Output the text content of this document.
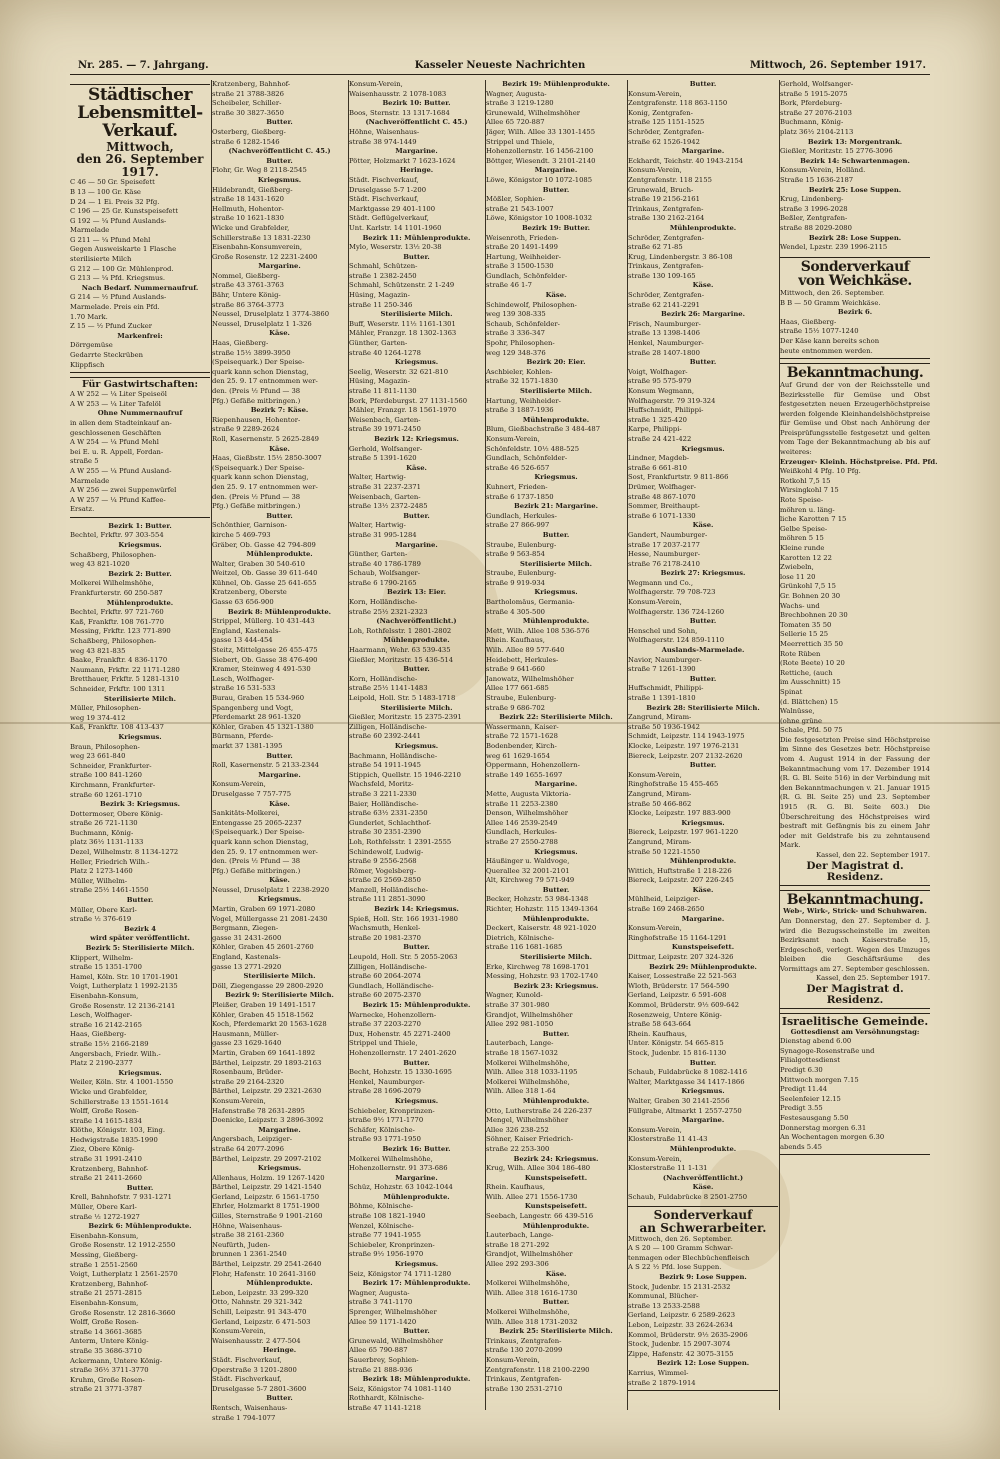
Nr. 285. — 7. Jahrgang.	Kasseler Neueste Nachrichten	Mittwoch, 26. September 1917.
Städtischer
Lebensmittel-Verkauf.
Mittwoch,
den 26. September 1917.
C 46 — 50 Gr. Speisefett
B 13 — 100 Gr. Käse
D 24 — 1 Ei. Preis 32 Pfg.
C 196 — 25 Gr. Kunstspeisefett
G 192 — ¼ Pfund Auslands-
Marmelade
G 211 — ¼ Pfund Mehl
Gegen Ausweiskarte 1 Flasche
sterilisierte Milch
G 212 — 100 Gr. Mühlenprod.
G 213 — ¼ Pfd. Kriegsmus.
Nach Bedarf. Nummernaufruf.
G 214 — ½ Pfund Auslands-
Marmelade. Preis ein Pfd.
1.70 Mark.
Z 15 — ½ Pfund Zucker
Markenfrei:
Dörrgemüse
Gedarrte Steckrüben
Klippfisch
Für Gastwirtschaften:
A W 252 — ¼ Liter Speiseöl
A W 253 — ¼ Liter Tafelöl
Ohne Nummernaufruf
in allen dem Stadteinkauf an-
geschlossenen Geschäften
A W 254 — ¼ Pfund Mehl
bei E. u. R. Appell, Fordan-
straße 5
A W 255 — ¼ Pfund Ausland-
Marmelade
A W 256 — zwei Suppenwürfel
A W 257 — ¼ Pfund Kaffee-
Ersatz.
Bezirk 1: Butter.
Bechtel, Frkftr. 97 303-554
Kriegsmus.
Schaßberg, Philosophen-
weg 43 821-1020
Bezirk 2: Butter.
Molkerei Wilhelmshöhe,
Frankfurterstr. 60 250-587
Mühlenprodukte.
Bechtel, Frkftr. 97 721-760
Kaß, Frankftr. 108 761-770
Messing, Frkftr. 123 771-890
Schaßberg, Philosophen-
weg 43 821-835
Baake, Frankftr. 4 836-1170
Naumann, Frkftr. 22 1171-1280
Bretthauer, Frkftr. 5 1281-1310
Schneider, Frkftr. 100 1311
Sterilisierte Milch.
Müller, Philosophen-
weg 19 374-412
Kaß, Frankftr. 108 413-437
Kriegsmus.
Braun, Philosophen-
weg 23 661-840
Schneider, Frankfurter-
straße 100 841-1260
Kirchmann, Frankfurter-
straße 60 1261-1710
Bezirk 3: Kriegsmus.
Dottermoser, Obere König-
straße 26 721-1130
Buchmann, König-
platz 36½ 1131-1133
Dezel, Wilhelmstr. 8 1134-1272
Heller, Friedrich Wilh.-
Platz 2 1273-1460
Müller, Wilhelm-
straße 25½ 1461-1550
Butter.
Müller, Obere Karl-
straße ½ 376-619
Bezirk 4
wird später veröffentlicht.
Bezirk 5: Sterilisierte Milch.
Klippert, Wilhelm-
straße 15 1351-1700
Hamel, Köln. Str. 10 1701-1901
Voigt, Lutherplatz 1 1992-2135
Eisenbahn-Konsum,
Große Rosenstr. 12 2136-2141
Lesch, Wolfhager-
straße 16 2142-2165
Haas, Gießberg-
straße 15½ 2166-2189
Angersbach, Friedr. Wilh.-
Platz 2 2190-2377
Kriegsmus.
Weiler, Köln. Str. 4 1001-1550
Wicke und Grabfelder,
Schillerstraße 13 1551-1614
Wolff, Große Rosen-
straße 14 1615-1834
Klöthe, Königstr. 103, Eing.
Hedwigstraße 1835-1990
Ziez, Obere König-
straße 31 1991-2410
Kratzenberg, Bahnhof-
straße 21 2411-2660
Butter.
Krell, Bahnhofstr. 7 931-1271
Müller, Obere Karl-
straße ½ 1272-1927
Bezirk 6: Mühlenprodukte.
Eisenbahn-Konsum,
Große Rosenstr. 12 1912-2550
Messing, Gießberg-
straße 1 2551-2560
Voigt, Lutherplatz 1 2561-2570
Kratzenberg, Bahnhof-
straße 21 2571-2815
Eisenbahn-Konsum,
Große Rosenstr. 12 2816-3660
Wolff, Große Rosen-
straße 14 3661-3685
Anterm, Untere König-
straße 35 3686-3710
Ackermann, Untere König-
straße 36½ 3711-3770
Kruhm, Große Rosen-
straße 21 3771-3787
Kratzenberg, Bahnhof-
straße 21 3788-3826
Scheibeler, Schiller-
straße 30 3827-3650
Butter.
Osterberg, Gießberg-
straße 6 1282-1546
(Nachveröffentlicht C. 45.)
Butter.
Flohr, Gr. Weg 8 2118-2545
Kriegsmus.
Hildebrandt, Gießberg-
straße 18 1431-1620
Hellmuth, Hohentor-
straße 10 1621-1830
Wicke und Grabfelder,
Schillerstraße 13 1831-2230
Eisenbahn-Konsumverein,
Große Rosenstr. 12 2231-2400
Margarine.
Nommel, Gießberg-
straße 43 3761-3763
Bähr, Untere König-
straße 86 3764-3773
Neussel, Druselplatz 1 3774-3860
Neussel, Druselplatz 1 1-326
Käse.
Haas, Gießberg-
straße 15½ 3899-3950
(Speisequark.) Der Speise-
quark kann schon Dienstag,
den 25. 9. 17 entnommen wer-
den. (Preis ½ Pfund — 38
Pfg.) Gefäße mitbringen.)
Bezirk 7: Käse.
Riepenhausen, Hohentor-
straße 9 2289-2624
Roll, Kasernenstr. 5 2625-2849
Käse.
Haas, Gießbstr. 15½ 2850-3007
(Speisequark.) Der Speise-
quark kann schon Dienstag,
den 25. 9. 17 entnommen wer-
den. (Preis ½ Pfund — 38
Pfg.) Gefäße mitbringen.)
Butter.
Schönthier, Garnison-
kirche 5 469-793
Gräber, Ob. Gasse 42 794-809
Mühlenprodukte.
Walter, Graben 30 540-610
Weitzel, Ob. Gasse 39 611-640
Kühnel, Ob. Gasse 25 641-655
Kratzenberg, Oberste
Gasse 63 656-900
Bezirk 8: Mühlenprodukte.
Strippel, Müllerg. 10 431-443
England, Kastenals-
gasse 13 444-454
Steitz, Mittelgasse 26 455-475
Siebert, Ob. Gasse 38 476-490
Kramer, Steinweg 4 491-530
Lesch, Wolfhager-
straße 16 531-533
Burau, Graben 15 534-960
Spangenberg und Vogt,
Pferdemarkt 28 961-1320
Köhler, Graben 45 1321-1380
Bürmann, Pferde-
markt 37 1381-1395
Butter.
Roll, Kasernenstr. 5 2133-2344
Margarine.
Konsum-Verein,
Druselgasse 7 757-775
Käse.
Sankitäts-Molkerei,
Entengasse 25 2065-2237
(Speisequark.) Der Speise-
quark kann schon Dienstag,
den 25. 9. 17 entnommen wer-
den. (Preis ½ Pfund — 38
Pfg.) Gefäße mitbringen.)
Käse.
Neussel, Druselplatz 1 2238-2920
Kriegsmus.
Martin, Graben 69 1971-2080
Vogel, Müllergasse 21 2081-2430
Bergmann, Ziegen-
gasse 31 2431-2600
Köhler, Graben 45 2601-2760
England, Kastenals-
gasse 13 2771-2920
Sterilisierte Milch.
Döll, Ziegengasse 29 2800-2920
Bezirk 9: Sterilisierte Milch.
Pleißer, Graben 19 1491-1517
Köhler, Graben 45 1518-1562
Koch, Pferdemarkt 20 1563-1628
Hausmann, Müller-
gasse 23 1629-1640
Martin, Graben 69 1641-1892
Bärthel, Leipzstr. 29 1893-2163
Rosenbaum, Brüder-
straße 29 2164-2320
Bärthel, Leipzstr. 29 2321-2630
Konsum-Verein,
Hafenstraße 78 2631-2895
Doenicke, Leipzstr. 3 2896-3092
Margarine.
Angersbach, Leipziger-
straße 64 2077-2096
Bärthel, Leipzstr. 29 2097-2102
Kriegsmus.
Allenhaus, Holzm. 19 1267-1420
Bärthel, Leipzstr. 29 1421-1540
Gerland, Leipzstr. 6 1561-1750
Ehrler, Holzmarkt 8 1751-1900
Gilles, Sternstraße 9 1901-2160
Höhne, Waisenhaus-
straße 38 2161-2360
Neufürth, Juden-
brunnen 1 2361-2540
Bärthel, Leipzstr. 29 2541-2640
Flohr, Hafenstr. 10 2641-3160
Mühlenprodukte.
Lebon, Leipzstr. 33 299-320
Otto, Nahnstr. 29 321-342
Schill, Leipzstr. 91 343-470
Gerland, Leipzstr. 6 471-503
Konsum-Verein,
Waisenhausstr. 2 477-504
Heringe.
Städt. Fischverkauf,
Operstraße 3 1201-2800
Städt. Fischverkauf,
Druselgasse 5-7 2801-3600
Butter.
Rentsch, Waisenhaus-
straße 1 794-1077
Konsum-Verein,
Waisenhausstr. 2 1078-1083
Bezirk 10: Butter.
Boos, Sternstr. 13 1317-1684
(Nachveröffentlicht C. 45.)
Höhne, Waisenhaus-
straße 38 974-1449
Margarine.
Pötter, Holzmarkt 7 1623-1624
Heringe.
Städt. Fischverkauf,
Druselgasse 5-7 1-200
Städt. Fischverkauf,
Marktgasse 29 401-1100
Städt. Geflügelverkauf,
Unt. Karlstr. 14 1101-1960
Bezirk 11: Mühlenprodukte.
Mylo, Weserstr. 13½ 20-38
Butter.
Schmahl, Schützen-
straße 1 2382-2450
Schmahl, Schützenstr. 2 1-249
Hüsing, Magazin-
straße 11 250-346
Sterilisierte Milch.
Buff, Weserstr. 11½ 1161-1301
Mähler, Franzgr. 18 1302-1363
Günther, Garten-
straße 40 1264-1278
Kriegsmus.
Seelig, Weserstr. 32 621-810
Hüsing, Magazin-
straße 11 811-1130
Bork, Pferdeburgst. 27 1131-1560
Mähler, Franzgr. 18 1561-1970
Weisenbach, Garten-
straße 39 1971-2450
Bezirk 12: Kriegsmus.
Gerhold, Wolfsanger-
straße 5 1391-1620
Käse.
Walter, Hartwig-
straße 31 2237-2371
Weisenbach, Garten-
straße 13½ 2372-2485
Butter.
Walter, Hartwig-
straße 31 995-1284
Margarine.
Günther, Garten-
straße 40 1786-1789
Schaub, Wolfsanger-
straße 6 1790-2165
Bezirk 13: Eier.
Korn, Holländische-
straße 25½ 2321-2323
(Nachveröffentlicht.)
Loh, Rothfelsstr. 1 2801-2802
Mühlenprodukte.
Haarmann, Wehr. 63 539-435
Gießler, Moritzstr. 15 436-514
Butter.
Korn, Holländische-
straße 25½ 1141-1483
Leipold, Holl. Str. 5 1483-1718
Sterilisierte Milch.
Gießler, Moritzstr. 15 2375-2391
Zilligen, Holländische-
straße 60 2392-2441
Kriegsmus.
Bachmann, Holländische-
straße 54 1911-1945
Stippich, Quellstr. 15 1946-2210
Wachsfeld, Moritz-
straße 3 2211-2330
Baier, Holländische-
straße 63½ 2331-2350
Gunderlet, Schlachthof-
straße 30 2351-2390
Loh, Rothfelsstr. 1 2391-2555
Schindewolf, Ludwig-
straße 9 2556-2568
Römer, Vogelsberg-
straße 26 2569-2850
Manzell, Holländische-
straße 111 2851-3090
Bezirk 14: Kriegsmus.
Spieß, Holl. Str. 166 1931-1980
Wachsmuth, Henkel-
straße 20 1981-2370
Butter.
Leupold, Holl. Str. 5 2055-2063
Zilligen, Holländische-
straße 60 2064-2074
Gundlach, Holländische-
straße 60 2075-2370
Bezirk 15: Mühlenprodukte.
Warnecke, Hohenzollern-
straße 37 2203-2270
Dux, Hohenstr. 45 2271-2400
Strippel und Thiele,
Hohenzollernstr. 17 2401-2620
Butter.
Becht, Hohzstr. 15 1330-1695
Henkel, Naumburger-
straße 28 1696-2079
Kriegsmus.
Schiebeler, Kronprinzen-
straße 9½ 1771-1770
Schäfer, Kölnische-
straße 93 1771-1950
Bezirk 16: Butter.
Molkerei Wilhelmshöhe,
Hohenzollernstr. 91 373-686
Margarine.
Schüz, Hohzstr. 63 1042-1044
Mühlenprodukte.
Böhme, Kölnische-
straße 108 1821-1940
Wenzel, Kölnische-
straße 77 1941-1955
Schiebeler, Kronprinzen-
straße 9½ 1956-1970
Kriegsmus.
Seiz, Königstor 74 1711-1280
Bezirk 17: Mühlenprodukte.
Wagner, Augusta-
straße 3 741-1170
Sprenger, Wilhelmshöher
Allee 59 1171-1420
Butter.
Grunewald, Wilhelmshöher
Allee 65 790-887
Sauerbrey, Sophien-
straße 21 888-936
Bezirk 18: Mühlenprodukte.
Seiz, Königstor 74 1081-1140
Rothhardt, Kölnische-
straße 47 1141-1218
Bezirk 19: Mühlenprodukte.
Wagner, Augusta-
straße 3 1219-1280
Grunewald, Wilhelmshöher
Allee 65 720-887
Jäger, Wilh. Allee 33 1301-1455
Strippel und Thiele,
Hohenzollernstr. 16 1456-2100
Böttger, Wiesendt. 3 2101-2140
Margarine.
Löwe, Königstor 10 1072-1085
Butter.
Mößler, Sophien-
straße 21 543-1007
Löwe, Königstor 10 1008-1032
Bezirk 19: Butter.
Weisenroth, Frieden-
straße 20 1491-1499
Hartung, Weihheider-
straße 3 1500-1530
Gundlach, Schönfelder-
straße 46 1-7
Käse.
Schindewolf, Philosophen-
weg 139 308-335
Schaub, Schönfelder-
straße 3 336-347
Spohr, Philosophen-
weg 129 348-376
Bezirk 20: Eier.
Aschbieler, Kohlen-
straße 32 1571-1830
Sterilisierte Milch.
Hartung, Weihheider-
straße 3 1887-1936
Mühlenprodukte.
Blum, Gießbachstraße 3 484-487
Konsum-Verein,
Schönfeldstr. 10½ 488-525
Gundlach, Schönfelder-
straße 46 526-657
Kriegsmus.
Kuhnert, Frieden-
straße 6 1737-1850
Bezirk 21: Margarine.
Gundlach, Herkules-
straße 27 866-997
Butter.
Straube, Eulenburg-
straße 9 563-854
Sterilisierte Milch.
Straube, Eulenburg-
straße 9 919-934
Kriegsmus.
Bartholomäus, Germania-
straße 4 305-500
Mühlenprodukte.
Mett, Wilh. Allee 108 536-576
Rhein. Kaufhaus,
Wilh. Allee 89 577-640
Heidebett, Herkules-
straße 9 641-660
Janowatz, Wilhelmshöher
Allee 177 661-685
Straube, Eulenburg-
straße 9 686-702
Bezirk 22: Sterilisierte Milch.
Wassermann, Kaiser-
straße 72 1571-1628
Bodenbender, Kirch-
weg 61 1629-1654
Oppermann, Hohenzollern-
straße 149 1655-1697
Margarine.
Mette, Augusta Viktoria-
straße 11 2253-2380
Denson, Wilhelmshöher
Allee 146 2539-2549
Gundlach, Herkules-
straße 27 2550-2788
Kriegsmus.
Häußinger u. Waldvoge,
Querallee 32 2001-2101
Alt, Kirchweg 79 571-949
Butter.
Becker, Hohzstr. 53 984-1348
Richter, Hohzstr. 115 1349-1364
Mühlenprodukte.
Deckert, Kaiserstr. 48 921-1020
Dietrich, Kölnische-
straße 116 1681-1685
Sterilisierte Milch.
Erke, Kirchweg 78 1698-1701
Messing, Hohzstr. 93 1702-1740
Bezirk 23: Kriegsmus.
Wagner, Kunold-
straße 37 301-980
Grandjot, Wilhelmshöher
Allee 292 981-1050
Butter.
Lauterbach, Lange-
straße 18 1567-1032
Molkerei Wilhelmshöhe,
Wilh. Allee 318 1033-1195
Molkerei Wilhelmshöhe,
Wilh. Allee 318 1-64
Mühlenprodukte.
Otto, Lutherstraße 24 226-237
Mengel, Wilhelmshöher
Allee 326 238-252
Söhner, Kaiser Friedrich-
straße 22 253-300
Bezirk 24: Kriegsmus.
Krug, Wilh. Allee 304 186-480
Kunstspeisefett.
Rhein. Kaufhaus,
Wilh. Allee 271 1556-1730
Kunstspeisefett.
Seebach, Langestr. 66 439-516
Mühlenprodukte.
Lauterbach, Lange-
straße 18 271-292
Grandjot, Wilhelmshöher
Allee 292 293-306
Käse.
Molkerei Wilhelmshöhe,
Wilh. Allee 318 1616-1730
Butter.
Molkerei Wilhelmshöhe,
Wilh. Allee 318 1731-2032
Bezirk 25: Sterilisierte Milch.
Trinkaus, Zentgrafen-
straße 130 2070-2099
Konsum-Verein,
Zentgrafenstr. 118 2100-2290
Trinkaus, Zentgrafen-
straße 130 2531-2710
Butter.
Konsum-Verein,
Zentgrafenstr. 118 863-1150
Konig, Zentgrafen-
straße 125 1151-1525
Schröder, Zentgrafen-
straße 62 1526-1942
Margarine.
Eckhardt, Teichstr. 40 1943-2154
Konsum-Verein,
Zentgrafenstr. 118 2155
Grunewald, Bruch-
straße 19 2156-2161
Trinkaus, Zentgrafen-
straße 130 2162-2164
Mühlenprodukte.
Schröder, Zentgrafen-
straße 62 71-85
Krug, Lindenbergstr. 3 86-108
Trinkaus, Zentgrafen-
straße 130 109-165
Käse.
Schröder, Zentgrafen-
straße 62 2141-2291
Bezirk 26: Margarine.
Frisch, Naumburger-
straße 13 1398-1406
Henkel, Naumburger-
straße 28 1407-1800
Butter.
Voigt, Wolfhager-
straße 95 575-979
Konsum Wegmann,
Wolfhagerstr. 79 319-324
Huffschmidt, Philippi-
straße 1 325-420
Karpe, Philippi-
straße 24 421-422
Kriegsmus.
Lindner, Magdeb-
straße 6 661-810
Sost, Frankfurtstr. 9 811-866
Drümer, Wolfhager-
straße 48 867-1070
Sommer, Breithaupt-
straße 6 1071-1330
Käse.
Gandert, Naumburger-
straße 17 2037-2177
Hesse, Naumburger-
straße 76 2178-2410
Bezirk 27: Kriegsmus.
Wegmann und Co.,
Wolfhagerstr. 79 708-723
Konsum-Verein,
Wolfhagerstr. 136 724-1260
Butter.
Henschel und Sohn,
Wolfhagerstr. 124 859-1110
Auslands-Marmelade.
Navior, Naumburger-
straße 7 1261-1390
Butter.
Huffschmidt, Philippi-
straße 1 1391-1810
Bezirk 28: Sterilisierte Milch.
Zangrund, Miram-
straße 50 1936-1942
Schmidt, Leipzstr. 114 1943-1975
Klocke, Leipzstr. 197 1976-2131
Biereck, Leipzstr. 207 2132-2620
Butter.
Konsum-Verein,
Ringhofstraße 15 455-465
Zangrund, Miram-
straße 50 466-862
Klocke, Leipzstr. 197 883-900
Kriegsmus.
Biereck, Leipzstr. 197 961-1220
Zangrund, Miram-
straße 50 1221-1550
Mühlenprodukte.
Wittich, Huftstraße 1 218-226
Biereck, Leipzstr. 207 226-245
Käse.
Mühlheid, Leipziger-
straße 169 2468-2650
Margarine.
Konsum-Verein,
Ringhofstraße 15 1164-1291
Kunstspeisefett.
Dittmar, Leipzstr. 207 324-326
Bezirk 29: Mühlenprodukte.
Kaiser, Lossestraße 22 521-563
Wloth, Brüderstr. 17 564-590
Gerland, Leipzstr. 6 591-608
Kommol, Brüderstr. 9½ 609-642
Rosenzweig, Untere König-
straße 58 643-664
Rhein. Kaufhaus,
Unter. Königstr. 54 665-815
Stock, Judenbr. 15 816-1130
Butter.
Schaub, Fuldabrücke 8 1082-1416
Walter, Marktgasse 34 1417-1866
Kriegsmus.
Walter, Graben 30 2141-2556
Füllgrabe, Altmarkt 1 2557-2750
Margarine.
Konsum-Verein,
Klosterstraße 11 41-43
Mühlenprodukte.
Konsum-Verein,
Klosterstraße 11 1-131
(Nachveröffentlicht.)
Käse.
Schaub, Fuldabrücke 8 2501-2750
Sonderverkauf
an Schwerarbeiter.
Mittwoch, den 26. September.
A S 20 — 100 Gramm Schwar-
tenmagen oder Blechbüchenfleisch
A S 22 ½ Pfd. lose Suppen.
Bezirk 9: Lose Suppen.
Stock, Judenbr. 15 2131-2532
Kommunal, Blücher-
straße 13 2533-2588
Gerland, Leipzstr. 6 2589-2623
Lebon, Leipzstr. 33 2624-2634
Kommol, Brüderstr. 9½ 2635-2906
Stock, Judenbr. 15 2907-3074
Zippe, Hafenstr. 42 3075-3155
Bezirk 12: Lose Suppen.
Karrius, Wimmel-
straße 2 1879-1914
Gerhold, Wolfsanger-
straße 5 1915-2075
Bork, Pferdeburg-
straße 27 2076-2103
Buchmann, König-
platz 36½ 2104-2113
Bezirk 13: Morgentrank.
Gießler, Moritzstr. 15 2776-3096
Bezirk 14: Schwartenmagen.
Konsum-Verein, Holländ.
Straße 15 1636-2187
Bezirk 25: Lose Suppen.
Krug, Lindenberg-
straße 3 1996-2028
Beßler, Zentgrafen-
straße 88 2029-2080
Bezirk 28: Lose Suppen.
Wendel, Lpzstr. 239 1996-2115
Sonderverkauf
von Weichkäse.
Mittwoch, den 26. September.
B B — 50 Gramm Weichkäse.
Bezirk 6.
Haas, Gießberg-
straße 15½ 1077-1240
Der Käse kann bereits schon
heute entnommen werden.
Bekanntmachung.
Auf Grund der von der Reichsstelle und Bezirksstelle für Gemüse und Obst festgesetzten neuen Erzeugerhöchstpreise werden folgende Kleinhandelshöchstpreise für Gemüse und Obst nach Anhörung der Preisprüfungsstelle festgesetzt und gelten vom Tage der Bekanntmachung ab bis auf weiteres:
Erzeuger- Kleinh. Höchstpreise. Pfd. Pfd.
Weißkohl 4 Pfg. 10 Pfg.
Rotkohl 7,5 15
Wirsingkohl 7 15
Rote Speise-
möhren u. läng-
liche Karotten 7 15
Gelbe Speise-
möhren 5 15
Kleine runde
Karotten 12 22
Zwiebeln,
lose 11 20
Grünkohl 7,5 15
Gr. Bohnen 20 30
Wachs- und
Brechbohnen 20 30
Tomaten 35 50
Sellerie 15 25
Meerrettich 35 50
Rote Rüben
(Rote Beete) 10 20
Rettiche, (auch
im Ausschnitt) 15
Spinat
(d. Blättchen) 15
Walnüsse,
(ohne grüne
Schale, Pfd. 50 75
Die festgesetzten Preise sind Höchstpreise im Sinne des Gesetzes betr. Höchstpreise vom 4. August 1914 in der Fassung der Bekanntmachung vom 17. Dezember 1914 (R. G. Bl. Seite 516) in der Verbindung mit den Bekanntmachungen v. 21. Januar 1915 (R. G. Bl. Seite 25) und 23. September 1915 (R. G. Bl. Seite 603.) Die Überschreitung des Höchstpreises wird bestraft mit Gefängnis bis zu einem Jahr oder mit Geldstrafe bis zu zehntausend Mark.
Kassel, den 22. September 1917.
Der Magistrat d. Residenz.
Bekanntmachung.
Web-, Wirk-, Strick- und Schuhwaren.
Am Donnerstag, den 27. September d. J. wird die Bezugsscheinstelle im zweiten Bezirksamt nach Kaiserstraße 15, Erdgeschoß, verlegt. Wegen des Umzuges bleiben die Geschäftsräume des Vormittags am 27. September geschlossen.
Kassel, den 25. September 1917.
Der Magistrat d. Residenz.
Israelitische Gemeinde.
Gottesdienst am Versöhnungstag:
Dienstag abend 6.00
Synagoge-Rosenstraße und
Filialgottesdienst
Predigt 6.30
Mittwoch morgen 7.15
Predigt 11.44
Seelenfeier 12.15
Predigt 3.55
Festesausgang 5.50
Donnerstag morgen 6.31
An Wochentagen morgen 6.30
abends 5.45
